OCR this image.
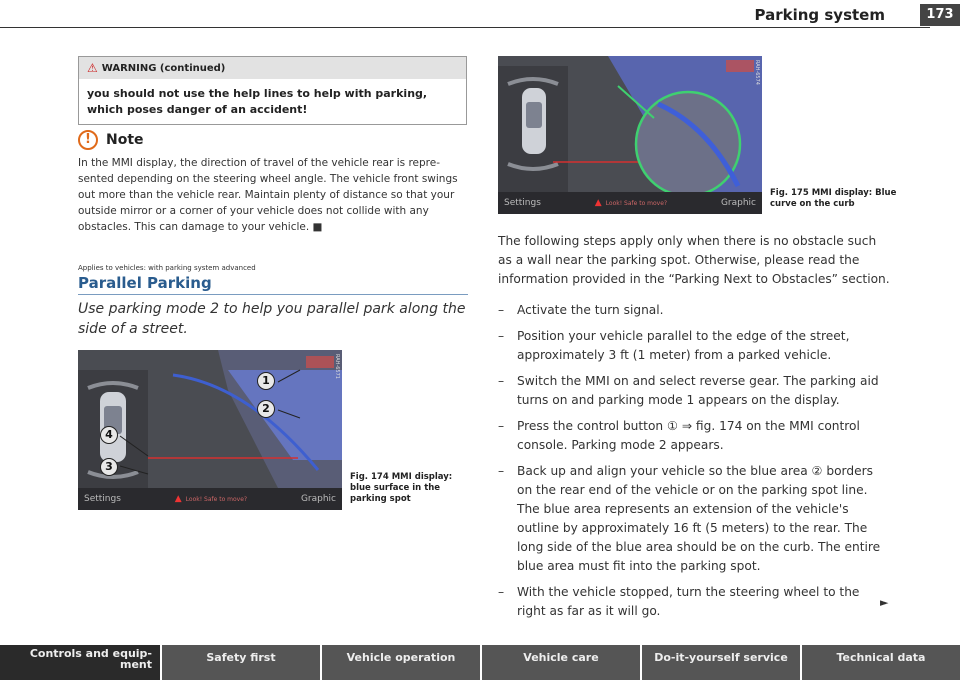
Parking system	173
⚠ WARNING (continued)
you should not use the help lines to help with parking, which poses danger of an accident!
!	Note
In the MMI display, the direction of travel of the vehicle rear is repre-sented depending on the steering wheel angle. The vehicle front swings out more than the vehicle rear. Maintain plenty of distance so that your outside mirror or a corner of your vehicle does not collide with any obstacles. This can damage to your vehicle. ■
Applies to vehicles: with parking system advanced
Parallel Parking
Use parking mode 2 to help you parallel park along the side of a street.
1
2
3
4
RAH-6571
Settings	▲ Look! Safe to move?	Graphic
Fig. 174 MMI display: blue surface in the parking spot
RAH-6574
Settings	▲ Look! Safe to move?	Graphic
Fig. 175 MMI display: Blue curve on the curb

The following steps apply only when there is no obstacle such as a wall near the parking spot. Otherwise, please read the information provided in the “Parking Next to Obstacles” section.

– Activate the turn signal.
– Position your vehicle parallel to the edge of the street, approximately 3 ft (1 meter) from a parked vehicle.
– Switch the MMI on and select reverse gear. The parking aid turns on and parking mode 1 appears on the display.
– Press the control button ① ⇒ fig. 174 on the MMI control console. Parking mode 2 appears.
– Back up and align your vehicle so the blue area ② borders on the rear end of the vehicle or on the parking spot line. The blue area represents an extension of the vehicle's outline by approximately 16 ft (5 meters) to the rear. The long side of the blue area should be on the curb. The entire blue area must fit into the parking spot.
– With the vehicle stopped, turn the steering wheel to the right as far as it will go.
►
Controls and equip-ment
Safety first	Vehicle operation	Vehicle care	Do-it-yourself service	Technical data
